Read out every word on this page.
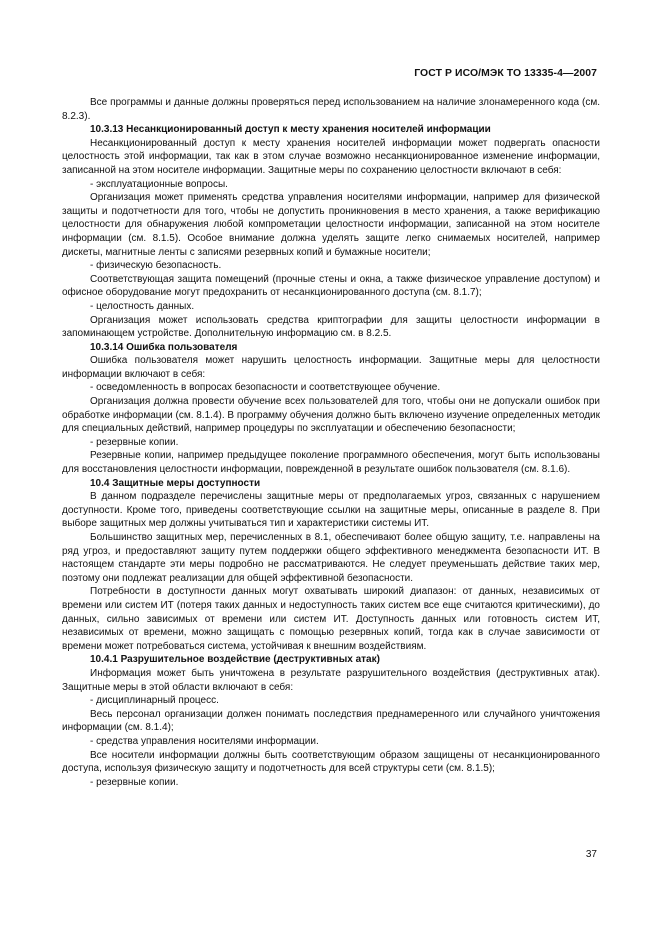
ГОСТ Р ИСО/МЭК ТО 13335-4—2007

Все программы и данные должны проверяться перед использованием на наличие злонамеренного кода (см. 8.2.3).

10.3.13 Несанкционированный доступ к месту хранения носителей информации

Несанкционированный доступ к месту хранения носителей информации может подвергать опасности целостность этой информации, так как в этом случае возможно несанкционированное изменение информации, записанной на этом носителе информации. Защитные меры по сохранению целостности включают в себя:

- эксплуатационные вопросы.

Организация может применять средства управления носителями информации, например для физической защиты и подотчетности для того, чтобы не допустить проникновения в место хранения, а также верификацию целостности для обнаружения любой компрометации целостности информации, записанной на этом носителе информации (см. 8.1.5). Особое внимание должна уделять защите легко снимаемых носителей, например дискеты, магнитные ленты с записями резервных копий и бумажные носители;

- физическую безопасность.

Соответствующая защита помещений (прочные стены и окна, а также физическое управление доступом) и офисное оборудование могут предохранить от несанкционированного доступа (см. 8.1.7);

- целостность данных.

Организация может использовать средства криптографии для защиты целостности информации в запоминающем устройстве. Дополнительную информацию см. в 8.2.5.

10.3.14 Ошибка пользователя

Ошибка пользователя может нарушить целостность информации. Защитные меры для целостности информации включают в себя:

- осведомленность в вопросах безопасности и соответствующее обучение.

Организация должна провести обучение всех пользователей для того, чтобы они не допускали ошибок при обработке информации (см. 8.1.4). В программу обучения должно быть включено изучение определенных методик для специальных действий, например процедуры по эксплуатации и обеспечению безопасности;

- резервные копии.

Резервные копии, например предыдущее поколение программного обеспечения, могут быть использованы для восстановления целостности информации, поврежденной в результате ошибок пользователя (см. 8.1.6).

10.4 Защитные меры доступности

В данном подразделе перечислены защитные меры от предполагаемых угроз, связанных с нарушением доступности. Кроме того, приведены соответствующие ссылки на защитные меры, описанные в разделе 8. При выборе защитных мер должны учитываться тип и характеристики системы ИТ.

Большинство защитных мер, перечисленных в 8.1, обеспечивают более общую защиту, т.е. направлены на ряд угроз, и предоставляют защиту путем поддержки общего эффективного менеджмента безопасности ИТ. В настоящем стандарте эти меры подробно не рассматриваются. Не следует преуменьшать действие таких мер, поэтому они подлежат реализации для общей эффективной безопасности.

Потребности в доступности данных могут охватывать широкий диапазон: от данных, независимых от времени или систем ИТ (потеря таких данных и недоступность таких систем все еще считаются критическими), до данных, сильно зависимых от времени или систем ИТ. Доступность данных или готовность систем ИТ, независимых от времени, можно защищать с помощью резервных копий, тогда как в случае зависимости от времени может потребоваться система, устойчивая к внешним воздействиям.

10.4.1 Разрушительное воздействие (деструктивных атак)

Информация может быть уничтожена в результате разрушительного воздействия (деструктивных атак). Защитные меры в этой области включают в себя:

- дисциплинарный процесс.

Весь персонал организации должен понимать последствия преднамеренного или случайного уничтожения информации (см. 8.1.4);

- средства управления носителями информации.

Все носители информации должны быть соответствующим образом защищены от несанкционированного доступа, используя физическую защиту и подотчетность для всей структуры сети (см. 8.1.5);

- резервные копии.

37
